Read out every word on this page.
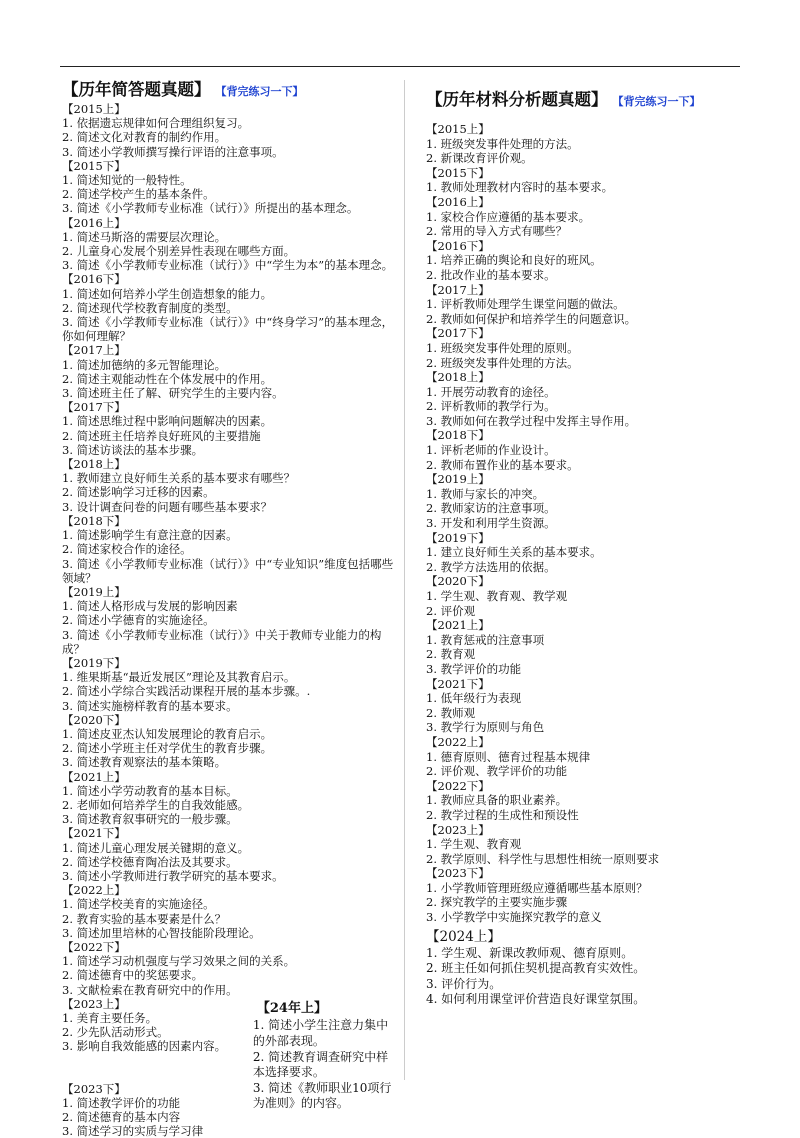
【历年简答题真题】 【背完练习一下】
【2015上】
1. 依据遗忘规律如何合理组织复习。
2. 简述文化对教育的制约作用。
3. 简述小学教师撰写操行评语的注意事项。
【2015下】
1. 简述知觉的一般特性。
2. 简述学校产生的基本条件。
3. 简述《小学教师专业标准（试行）》所提出的基本理念。
【2016上】
1. 简述马斯洛的需要层次理论。
2. 儿童身心发展个别差异性表现在哪些方面。
3. 简述《小学教师专业标准（试行）》中“学生为本”的基本理念。
【2016下】
1. 简述如何培养小学生创造想象的能力。
2. 简述现代学校教育制度的类型。
3. 简述《小学教师专业标准（试行）》中“终身学习”的基本理念，你如何理解？
【2017上】
1. 简述加德纳的多元智能理论。
2. 简述主观能动性在个体发展中的作用。
3. 简述班主任了解、研究学生的主要内容。
【2017下】
1. 简述思维过程中影响问题解决的因素。
2. 简述班主任培养良好班风的主要措施
3. 简述访谈法的基本步骤。
【2018上】
1. 教师建立良好师生关系的基本要求有哪些？
2. 简述影响学习迁移的因素。
3. 设计调查问卷的问题有哪些基本要求？
【2018下】
1. 简述影响学生有意注意的因素。
2. 简述家校合作的途径。
3. 简述《小学教师专业标准（试行）》中“专业知识”维度包括哪些领域？
【2019上】
1. 简述人格形成与发展的影响因素
2. 简述小学德育的实施途径。
3. 简述《小学教师专业标准（试行）》中关于教师专业能力的构成？
【2019下】
1. 维果斯基“最近发展区”理论及其教育启示。
2. 简述小学综合实践活动课程开展的基本步骤。.
3. 简述实施榜样教育的基本要求。
【2020下】
1. 简述皮亚杰认知发展理论的教育启示。
2. 简述小学班主任对学优生的教育步骤。
3. 简述教育观察法的基本策略。
【2021上】
1. 简述小学劳动教育的基本目标。
2. 老师如何培养学生的自我效能感。
3. 简述教育叙事研究的一般步骤。
【2021下】
1. 简述儿童心理发展关键期的意义。
2. 简述学校德育陶冶法及其要求。
3. 简述小学教师进行教学研究的基本要求。
【2022上】
1. 简述学校美育的实施途径。
2. 教育实验的基本要素是什么？
3. 简述加里培林的心智技能阶段理论。
【2022下】
1. 简述学习动机强度与学习效果之间的关系。
2. 简述德育中的奖惩要求。
3. 文献检索在教育研究中的作用。
【2023上】
1. 美育主要任务。
2. 少先队活动形式。
3. 影响自我效能感的因素内容。
【2023下】
1. 简述教学评价的功能
2. 简述德育的基本内容
3. 简述学习的实质与学习律
【24年上】
1. 简述小学生注意力集中的外部表现。
2. 简述教育调查研究中样本选择要求。
3. 简述《教师职业10项行为准则》的内容。
【历年材料分析题真题】 【背完练习一下】
【2015上】
1. 班级突发事件处理的方法。
2. 新课改育评价观。
【2015下】
1. 教师处理教材内容时的基本要求。
【2016上】
1. 家校合作应遵循的基本要求。
2. 常用的导入方式有哪些？
【2016下】
1. 培养正确的舆论和良好的班风。
2. 批改作业的基本要求。
【2017上】
1. 评析教师处理学生课堂问题的做法。
2. 教师如何保护和培养学生的问题意识。
【2017下】
1. 班级突发事件处理的原则。
2. 班级突发事件处理的方法。
【2018上】
1. 开展劳动教育的途径。
2. 评析教师的教学行为。
3. 教师如何在教学过程中发挥主导作用。
【2018下】
1. 评析老师的作业设计。
2. 教师布置作业的基本要求。
【2019上】
1. 教师与家长的冲突。
2. 教师家访的注意事项。
3. 开发和利用学生资源。
【2019下】
1. 建立良好师生关系的基本要求。
2. 教学方法选用的依据。
【2020下】
1. 学生观、教育观、教学观
2. 评价观
【2021上】
1. 教育惩戒的注意事项
2. 教育观
3. 教学评价的功能
【2021下】
1. 低年级行为表现
2. 教师观
3. 教学行为原则与角色
【2022上】
1. 德育原则、德育过程基本规律
2. 评价观、教学评价的功能
【2022下】
1. 教师应具备的职业素养。
2. 教学过程的生成性和预设性
【2023上】
1. 学生观、教育观
2. 教学原则、科学性与思想性相统一原则要求
【2023下】
1. 小学教师管理班级应遵循哪些基本原则？
2. 探究教学的主要实施步骤
3. 小学教学中实施探究教学的意义
【2024上】
1. 学生观、新课改教师观、德育原则。
2. 班主任如何抓住契机提高教育实效性。
3. 评价行为。
4. 如何利用课堂评价营造良好课堂氛围。
